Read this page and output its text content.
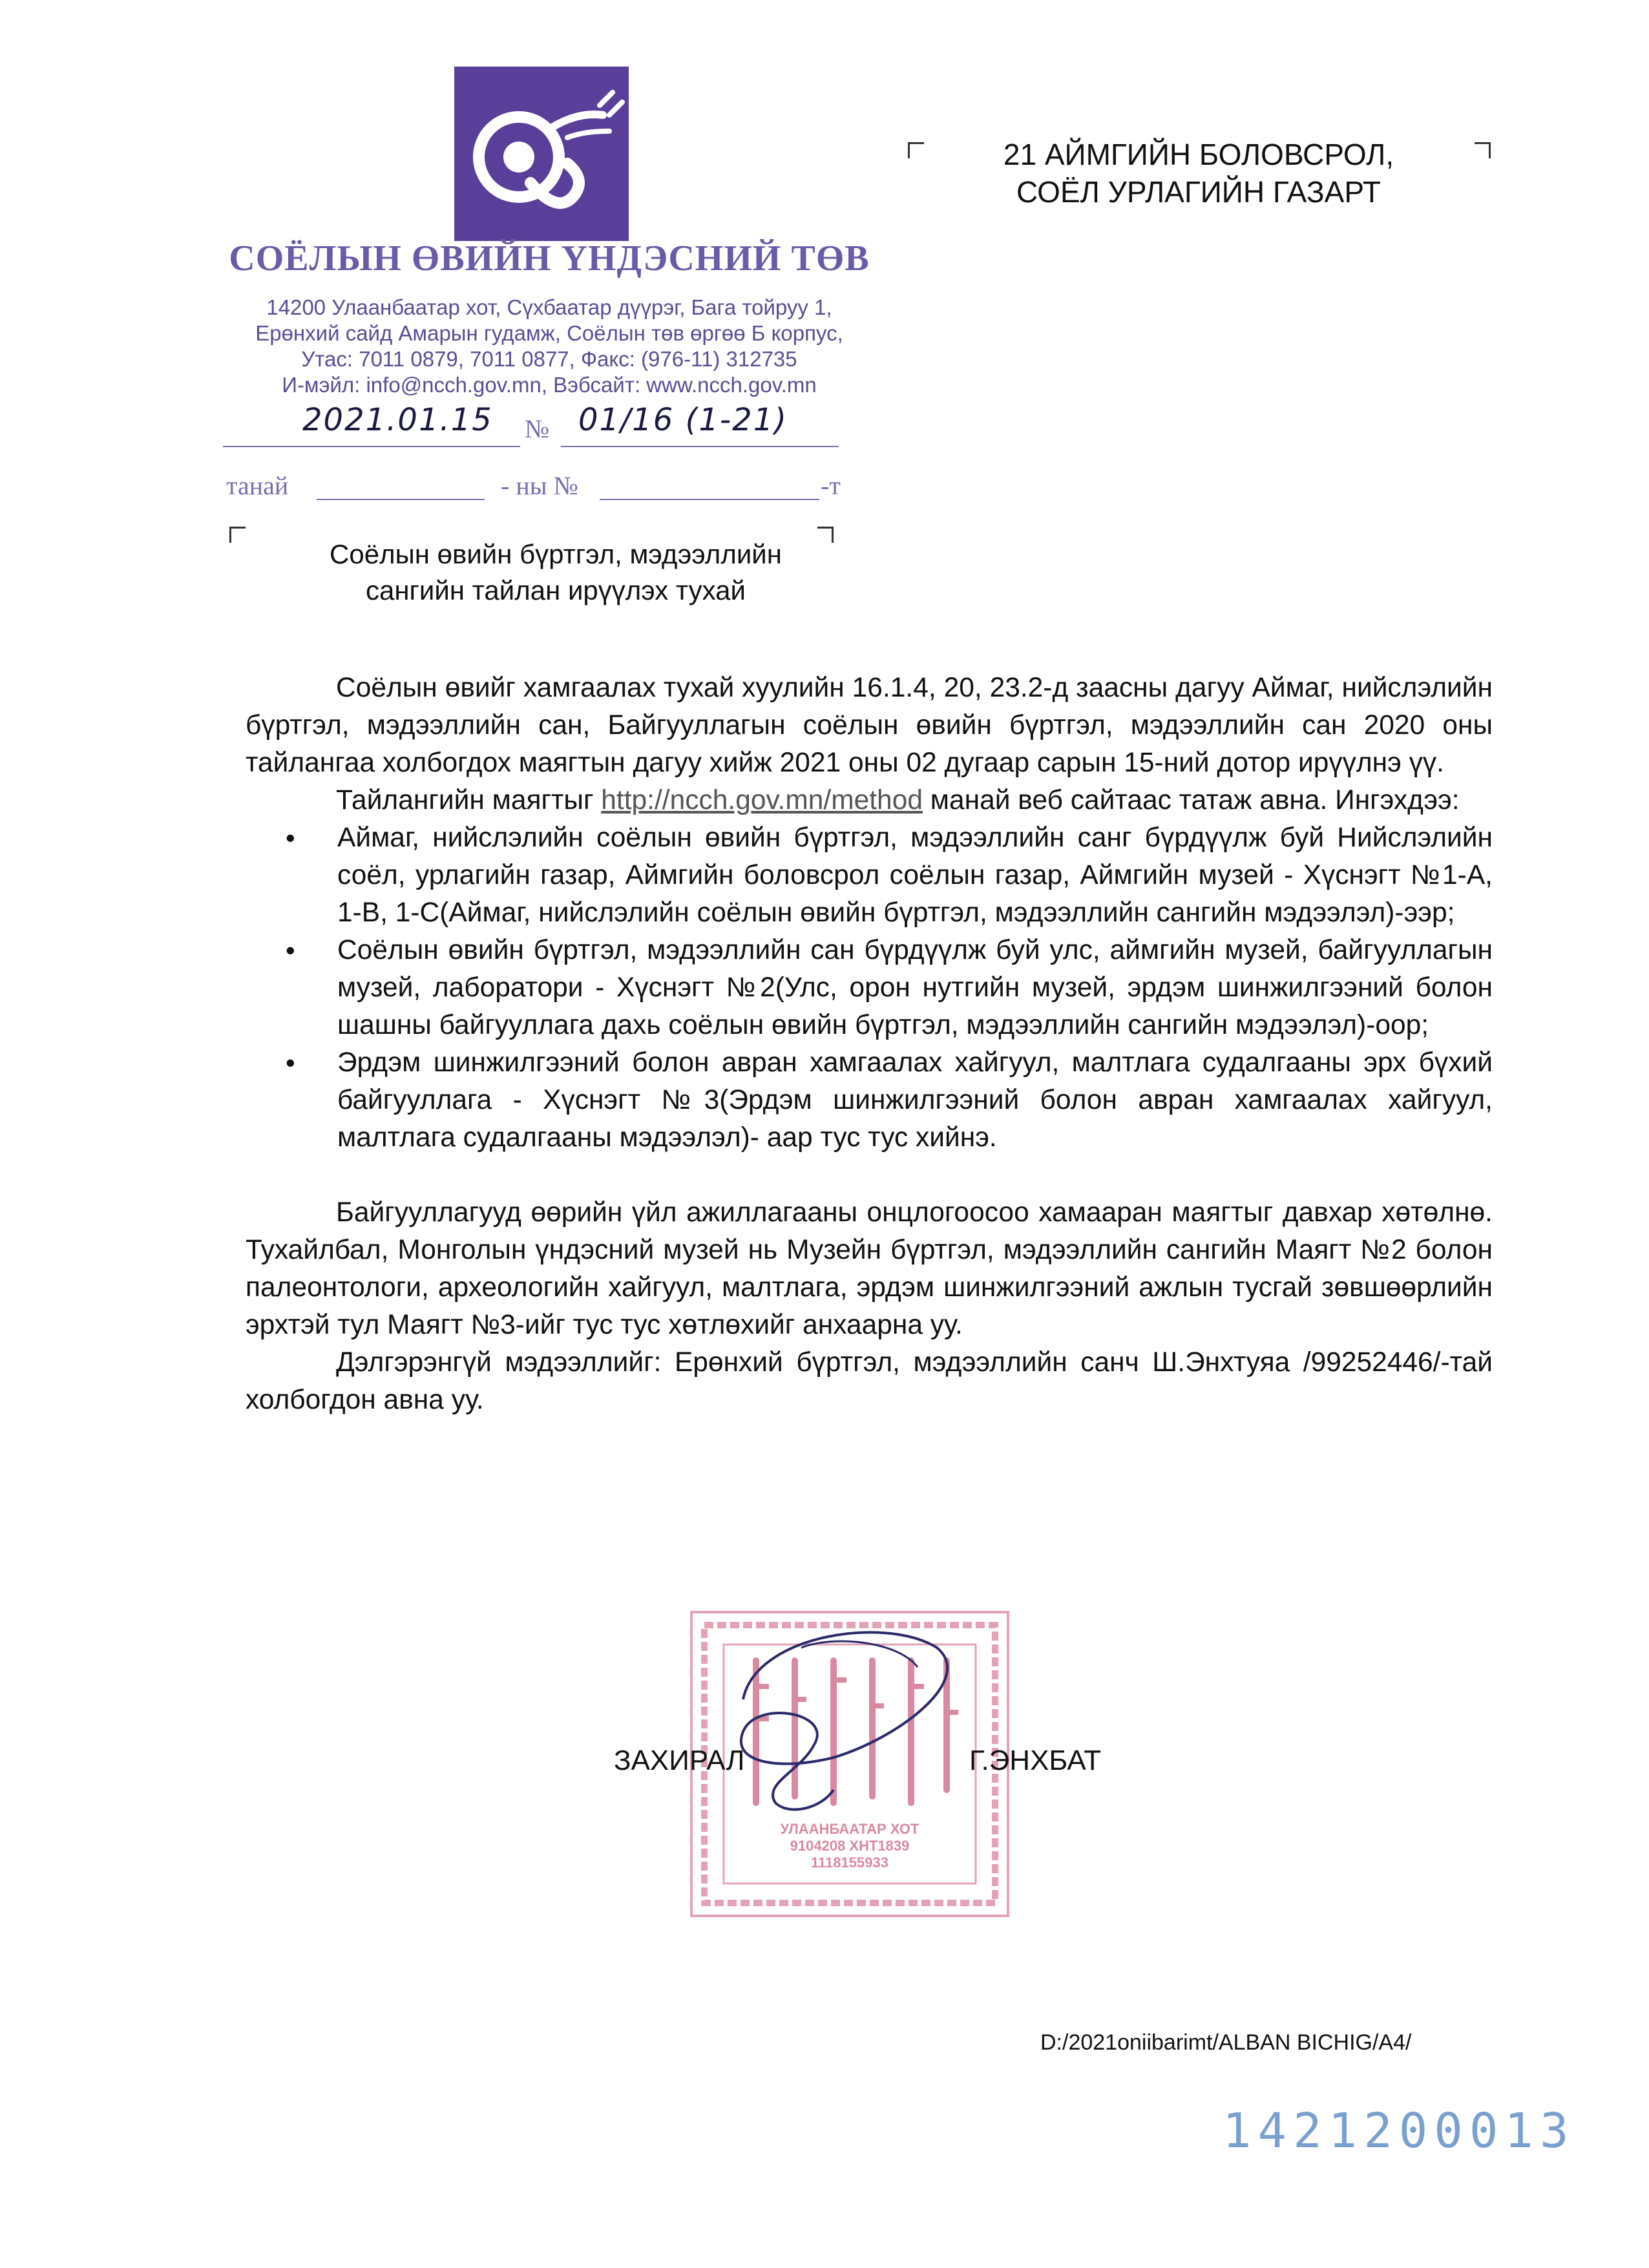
СОЁЛЫН ӨВИЙН ҮНДЭСНИЙ ТӨВ
14200 Улаанбаатар хот, Сүхбаатар дүүрэг, Бага тойруу 1,
Ерөнхий сайд Амарын гудамж, Соёлын төв өргөө Б корпус,
Утас: 7011 0879, 7011 0877, Факс: (976-11) 312735
И-мэйл: info@ncch.gov.mn, Вэбсайт: www.ncch.gov.mn
21 АЙМГИЙН БОЛОВСРОЛ,
СОЁЛ УРЛАГИЙН ГАЗАРТ
2021.01.15 № 01/16 (1-21)
танай	- ны №	-т
Соёлын өвийн бүртгэл, мэдээллийн
сангийн тайлан ирүүлэх тухай

Соёлын өвийг хамгаалах тухай хуулийн 16.1.4, 20, 23.2-д заасны дагуу Аймаг, нийслэлийн бүртгэл, мэдээллийн сан, Байгууллагын соёлын өвийн бүртгэл, мэдээллийн сан 2020 оны тайлангаа холбогдох маягтын дагуу хийж 2021 оны 02 дугаар сарын 15-ний дотор ирүүлнэ үү.

Тайлангийн маягтыг http://ncch.gov.mn/method манай веб сайтаас татаж авна. Ингэхдээ:

• Аймаг, нийслэлийн соёлын өвийн бүртгэл, мэдээллийн санг бүрдүүлж буй Нийслэлийн соёл, урлагийн газар, Аймгийн боловсрол соёлын газар, Аймгийн музей - Хүснэгт №1-А, 1-В, 1-С(Аймаг, нийслэлийн соёлын өвийн бүртгэл, мэдээллийн сангийн мэдээлэл)-ээр;
• Соёлын өвийн бүртгэл, мэдээллийн сан бүрдүүлж буй улс, аймгийн музей, байгууллагын музей, лаборатори - Хүснэгт №2(Улс, орон нутгийн музей, эрдэм шинжилгээний болон шашны байгууллага дахь соёлын өвийн бүртгэл, мэдээллийн сангийн мэдээлэл)-оор;
• Эрдэм шинжилгээний болон авран хамгаалах хайгуул, малтлага судалгааны эрх бүхий байгууллага - Хүснэгт №3(Эрдэм шинжилгээний болон авран хамгаалах хайгуул, малтлага судалгааны мэдээлэл)- аар тус тус хийнэ.

Байгууллагууд өөрийн үйл ажиллагааны онцлогоосоо хамааран маягтыг давхар хөтөлнө. Тухайлбал, Монголын үндэсний музей нь Музейн бүртгэл, мэдээллийн сангийн Маягт №2 болон палеонтологи, археологийн хайгуул, малтлага, эрдэм шинжилгээний ажлын тусгай зөвшөөрлийн эрхтэй тул Маягт №3-ийг тус тус хөтлөхийг анхаарна уу.

Дэлгэрэнгүй мэдээллийг: Ерөнхий бүртгэл, мэдээллийн санч Ш.Энхтуяа /99252446/-тай холбогдон авна уу.

УЛААНБААТАР ХОТ
9104208 ХНТ1839
1118155933
ЗАХИРАЛ	Г.ЭНХБАТ
D:/2021oniibarimt/ALBAN BICHIG/A4/
1421200013
